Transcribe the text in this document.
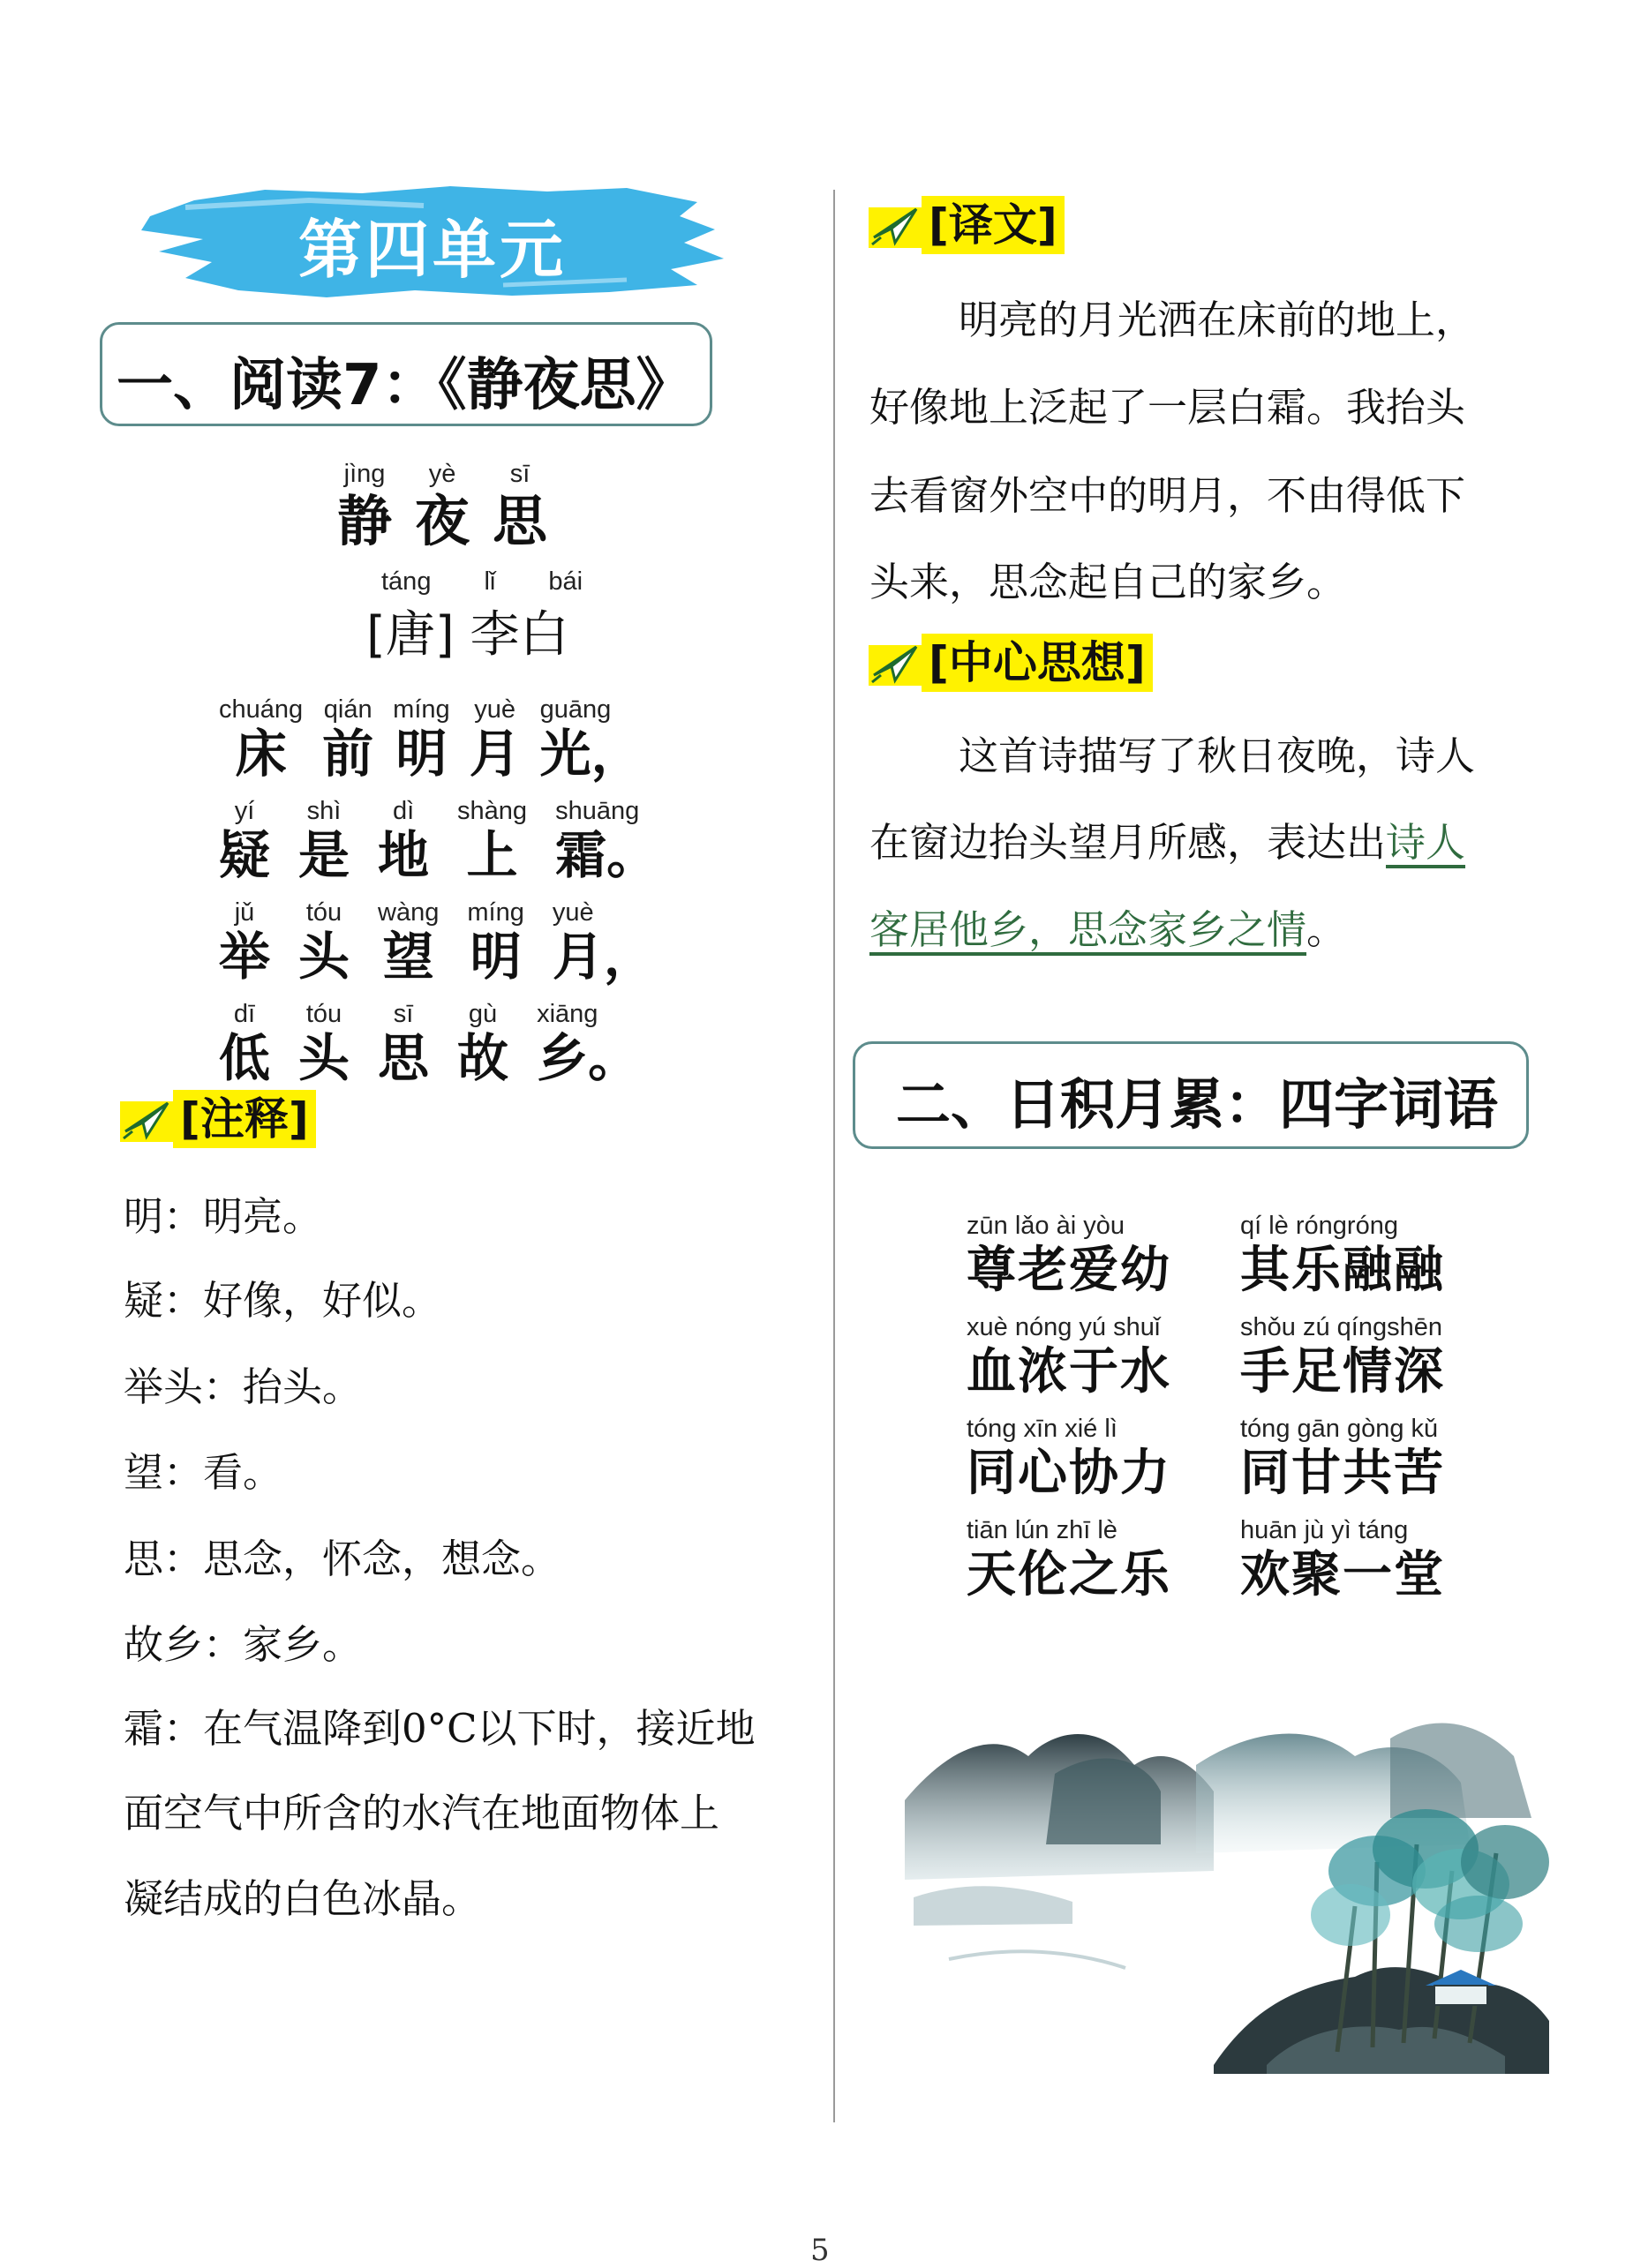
第四单元
一、阅读7：《静夜思》
jìng
静
yè
夜
sī
思
táng lǐ bái
[唐] 李白
chuáng
床
qián
前
míng
明
yuè
月
guāng
光，
yí
疑
shì
是
dì
地
shàng
上
shuāng
霜。
jǔ
举
tóu
头
wàng
望
míng
明
yuè
月，
dī
低
tóu
头
sī
思
gù
故
xiāng
乡。
[注释]
明：明亮。
疑：好像，好似。
举头：抬头。
望：看。
思：思念，怀念，想念。
故乡：家乡。
霜：在气温降到0°C以下时，接近地
面空气中所含的水汽在地面物体上
凝结成的白色冰晶。
[译文]
明亮的月光洒在床前的地上，
好像地上泛起了一层白霜。我抬头
去看窗外空中的明月，不由得低下
头来，思念起自己的家乡。
[中心思想]
这首诗描写了秋日夜晚，诗人
在窗边抬头望月所感，表达出诗人
客居他乡，思念家乡之情。
二、日积月累：四字词语
zūn lǎo ài yòu
尊老爱幼
qí lè róngróng
其乐融融
xuè nóng yú shuǐ
血浓于水
shǒu zú qíngshēn
手足情深
tóng xīn xié lì
同心协力
tóng gān gòng kǔ
同甘共苦
tiān lún zhī lè
天伦之乐
huān jù yì táng
欢聚一堂
5
